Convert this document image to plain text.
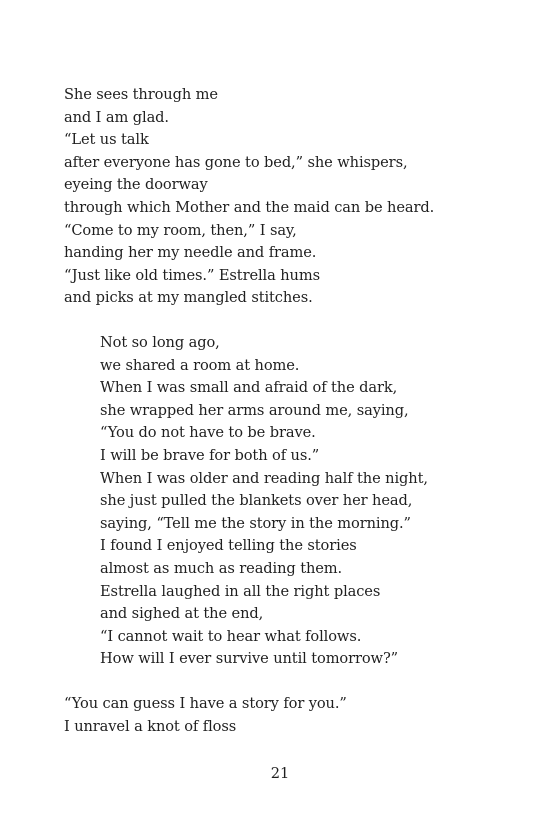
She sees through me
and I am glad.
“Let us talk
after everyone has gone to bed,” she whispers,
eyeing the doorway
through which Mother and the maid can be heard.
“Come to my room, then,” I say,
handing her my needle and frame.
“Just like old times.” Estrella hums
and picks at my mangled stitches.
Not so long ago,
we shared a room at home.
When I was small and afraid of the dark,
she wrapped her arms around me, saying,
“You do not have to be brave.
I will be brave for both of us.”
When I was older and reading half the night,
she just pulled the blankets over her head,
saying, “Tell me the story in the morning.”
I found I enjoyed telling the stories
almost as much as reading them.
Estrella laughed in all the right places
and sighed at the end,
“I cannot wait to hear what follows.
How will I ever survive until tomorrow?”
“You can guess I have a story for you.”
I unravel a knot of floss
21
